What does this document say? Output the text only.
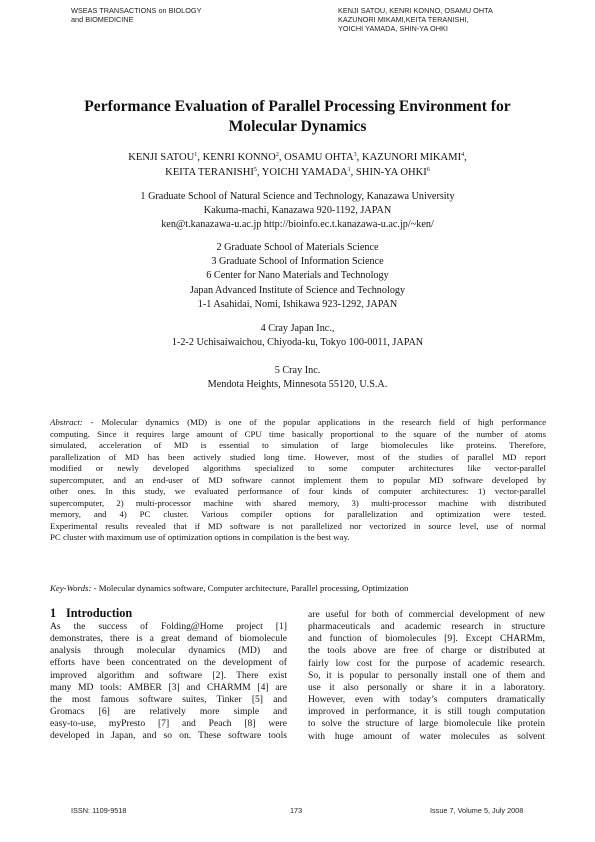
WSEAS TRANSACTIONS on BIOLOGY
and BIOMEDICINE
KENJI SATOU, KENRI KONNO, OSAMU OHTA
KAZUNORI MIKAMI,KEITA TERANISHI,
YOICHI YAMADA, SHIN-YA OHKI
Performance Evaluation of Parallel Processing Environment for
Molecular Dynamics
KENJI SATOU$^1$, KENRI KONNO$^2$, OSAMU OHTA$^3$, KAZUNORI MIKAMI$^4$,
KEITA TERANISHI$^5$, YOICHI YAMADA$^1$, SHIN-YA OHKI$^6$
1 Graduate School of Natural Science and Technology, Kanazawa University
Kakuma-machi, Kanazawa 920-1192, JAPAN
ken@t.kanazawa-u.ac.jp http://bioinfo.ec.t.kanazawa-u.ac.jp/~ken/
2 Graduate School of Materials Science
3 Graduate School of Information Science
6 Center for Nano Materials and Technology
Japan Advanced Institute of Science and Technology
1-1 Asahidai, Nomi, Ishikawa 923-1292, JAPAN
4 Cray Japan Inc.,
1-2-2 Uchisaiwaichou, Chiyoda-ku, Tokyo 100-0011, JAPAN
5 Cray Inc.
Mendota Heights, Minnesota 55120, U.S.A.
Abstract: - Molecular dynamics (MD) is one of the popular applications in the research field of high performance
computing. Since it requires large amount of CPU time basically proportional to the square of the number of atoms
simulated, acceleration of MD is essential to simulation of large biomolecules like proteins. Therefore,
parallelization of MD has been actively studied long time. However, most of the studies of parallel MD report
modified or newly developed algorithms specialized to some computer architectures like vector-parallel
supercomputer, and an end-user of MD software cannot implement them to popular MD software developed by
other ones. In this study, we evaluated performance of four kinds of computer architectures: 1) vector-parallel
supercomputer, 2) multi-processor machine with shared memory, 3) multi-processor machine with distributed
memory, and 4) PC cluster. Various compiler options for parallelization and optimization were tested.
Experimental results revealed that if MD software is not parallelized nor vectorized in source level, use of normal
PC cluster with maximum use of optimization options in compilation is the best way.
Key-Words: - Molecular dynamics software, Computer architecture, Parallel processing, Optimization
1 Introduction
As the success of Folding@Home project [1]
demonstrates, there is a great demand of biomolecule
analysis through molecular dynamics (MD) and
efforts have been concentrated on the development of
improved algorithm and software [2]. There exist
many MD tools: AMBER [3] and CHARMM [4] are
the most famous software suites, Tinker [5] and
Gromacs [6] are relatively more simple and
easy-to-use, myPresto [7] and Peach [8] were
developed in Japan, and so on. These software tools
are useful for both of commercial development of new
pharmaceuticals and academic research in structure
and function of biomolecules [9]. Except CHARMm,
the tools above are free of charge or distributed at
fairly low cost for the purpose of academic research.
So, it is popular to personally install one of them and
use it also personally or share it in a laboratory.
However, even with today’s computers dramatically
improved in performance, it is still tough computation
to solve the structure of large biomolecule like protein
with huge amount of water molecules as solvent
ISSN: 1109-9518	173	Issue 7, Volume 5, July 2008
